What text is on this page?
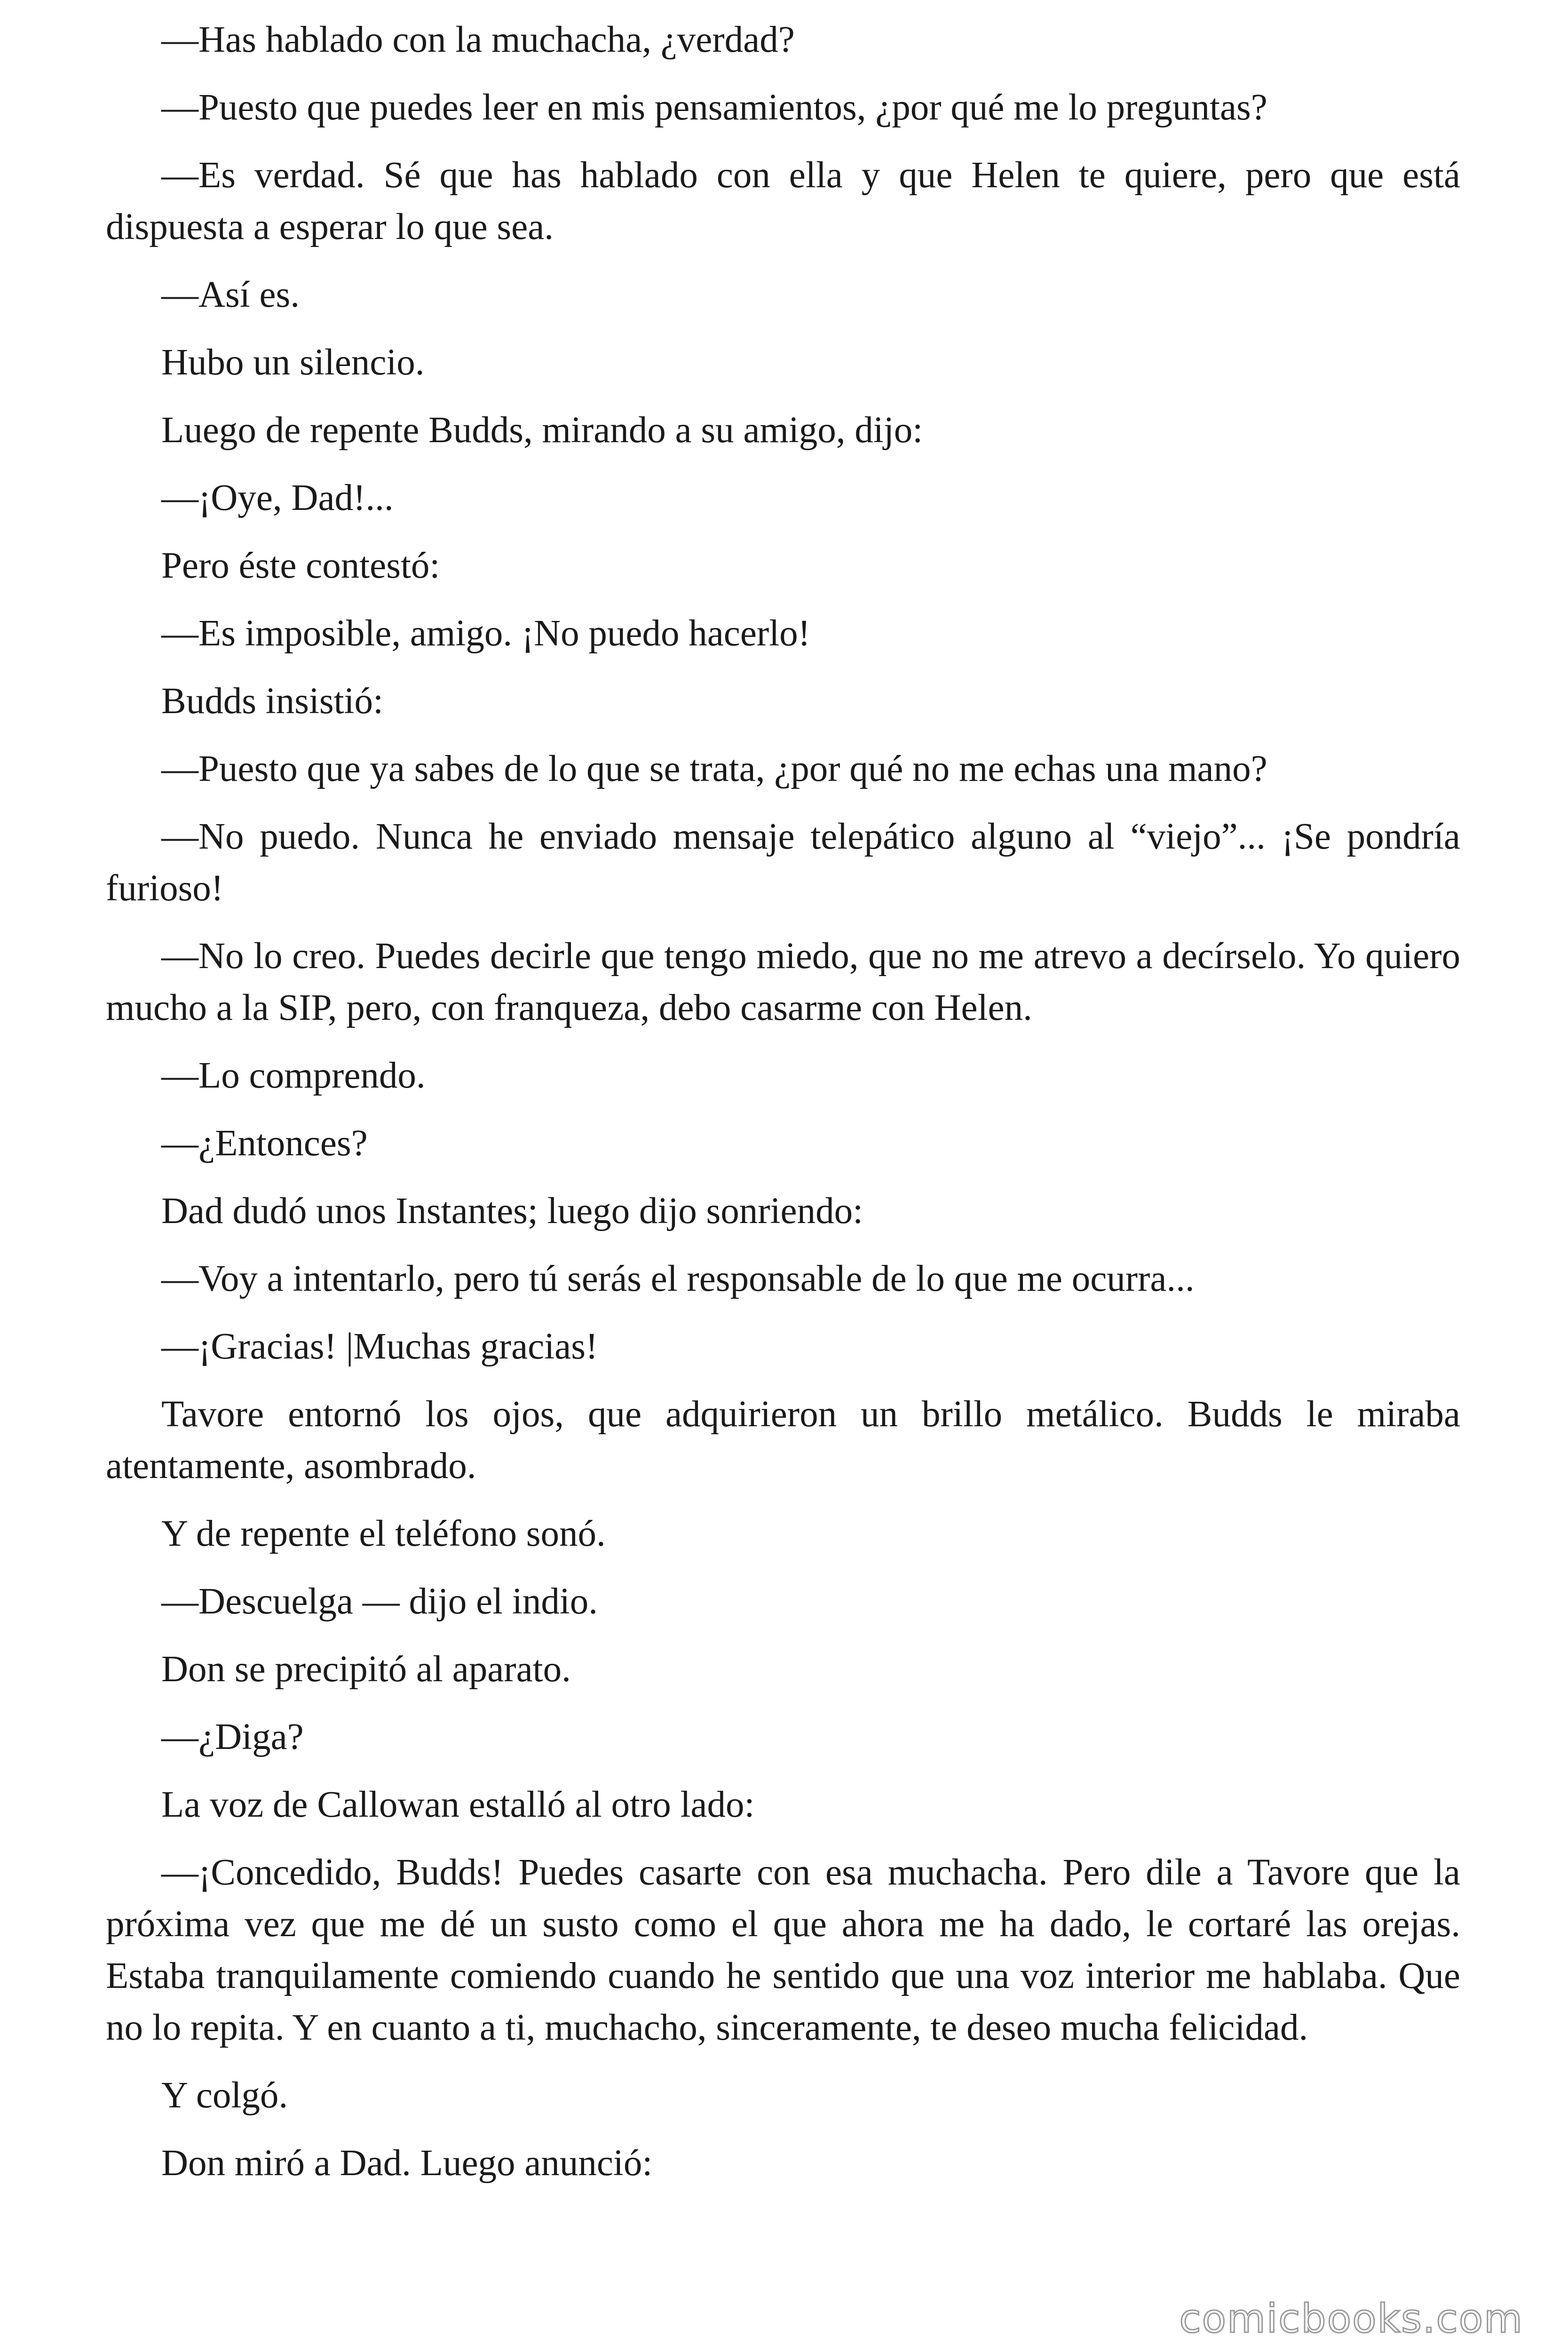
—Has hablado con la muchacha, ¿verdad?

—Puesto que puedes leer en mis pensamientos, ¿por qué me lo preguntas?

—Es verdad. Sé que has hablado con ella y que Helen te quiere, pero que está dispuesta a esperar lo que sea.

—Así es.

Hubo un silencio.

Luego de repente Budds, mirando a su amigo, dijo:

—¡Oye, Dad!...

Pero éste contestó:

—Es imposible, amigo. ¡No puedo hacerlo!

Budds insistió:

—Puesto que ya sabes de lo que se trata, ¿por qué no me echas una mano?

—No puedo. Nunca he enviado mensaje telepático alguno al “viejo”... ¡Se pondría furioso!

—No lo creo. Puedes decirle que tengo miedo, que no me atrevo a decírselo. Yo quiero mucho a la SIP, pero, con franqueza, debo casarme con Helen.

—Lo comprendo.

—¿Entonces?

Dad dudó unos Instantes; luego dijo sonriendo:

—Voy a intentarlo, pero tú serás el responsable de lo que me ocurra...

—¡Gracias! |Muchas gracias!

Tavore entornó los ojos, que adquirieron un brillo metálico. Budds le miraba atentamente, asombrado.

Y de repente el teléfono sonó.

—Descuelga — dijo el indio.

Don se precipitó al aparato.

—¿Diga?

La voz de Callowan estalló al otro lado:

—¡Concedido, Budds! Puedes casarte con esa muchacha. Pero dile a Tavore que la próxima vez que me dé un susto como el que ahora me ha dado, le cortaré las orejas. Estaba tranquilamente comiendo cuando he sentido que una voz interior me hablaba. Que no lo repita. Y en cuanto a ti, muchacho, sinceramente, te deseo mucha felicidad.

Y colgó.

Don miró a Dad. Luego anunció:

comicbooks.com
